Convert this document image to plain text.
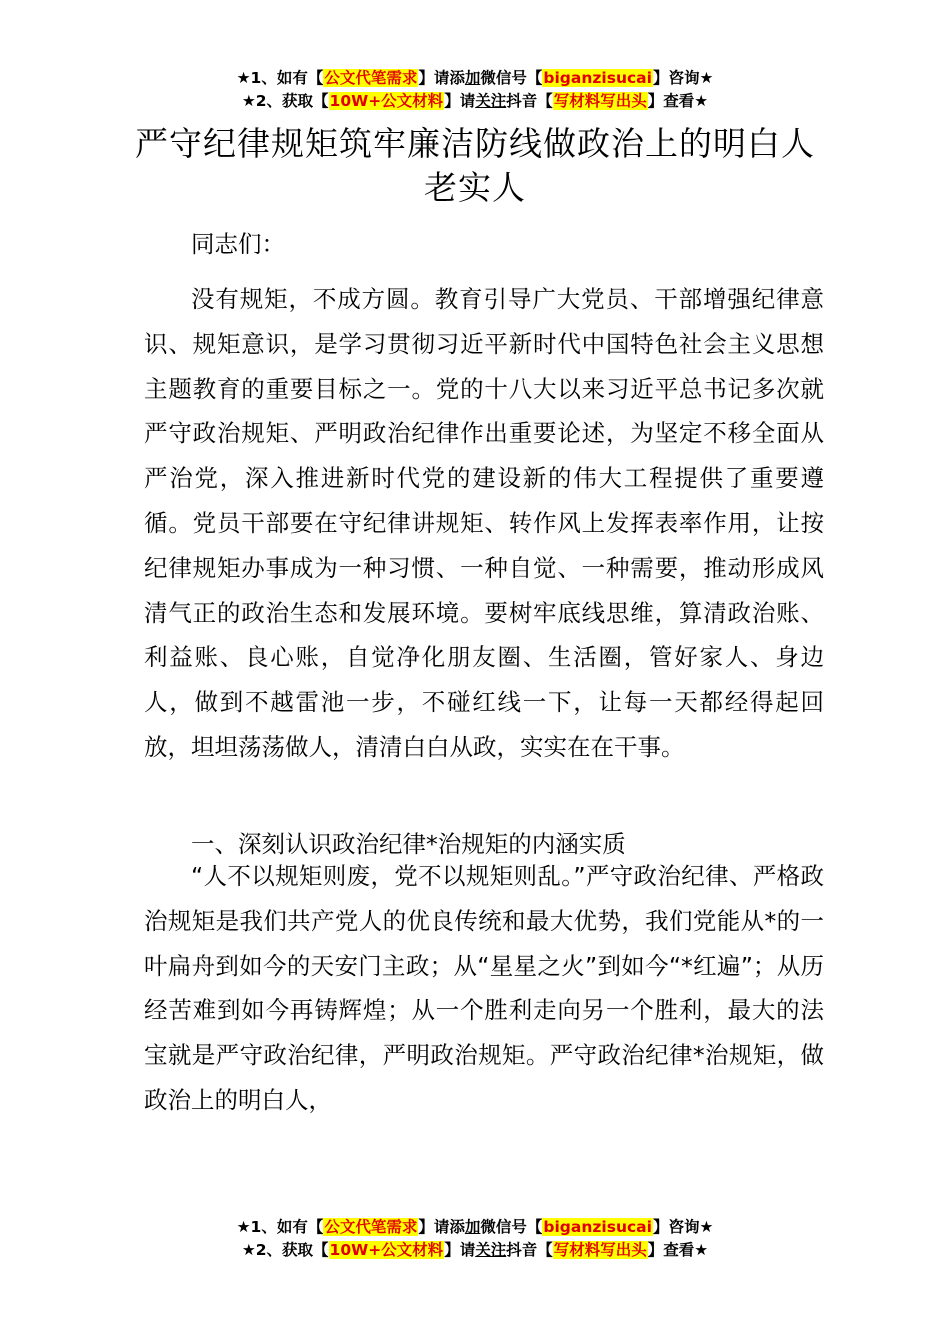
★1、如有【公文代笔需求】请添加微信号【biganzisucai】咨询★
★2、获取【10W+公文材料】请关注抖音【写材料写出头】查看★
严守纪律规矩筑牢廉洁防线做政治上的明白人老实人

同志们：

没有规矩，不成方圆。教育引导广大党员、干部增强纪律意识、规矩意识，是学习贯彻习近平新时代中国特色社会主义思想主题教育的重要目标之一。党的十八大以来习近平总书记多次就严守政治规矩、严明政治纪律作出重要论述，为坚定不移全面从严治党，深入推进新时代党的建设新的伟大工程提供了重要遵循。党员干部要在守纪律讲规矩、转作风上发挥表率作用，让按纪律规矩办事成为一种习惯、一种自觉、一种需要，推动形成风清气正的政治生态和发展环境。要树牢底线思维，算清政治账、利益账、良心账，自觉净化朋友圈、生活圈，管好家人、身边人，做到不越雷池一步，不碰红线一下，让每一天都经得起回放，坦坦荡荡做人，清清白白从政，实实在在干事。

一、深刻认识政治纪律*治规矩的内涵实质

“人不以规矩则废，党不以规矩则乱。”严守政治纪律、严格政治规矩是我们共产党人的优良传统和最大优势，我们党能从*的一叶扁舟到如今的天安门主政；从“星星之火”到如今“*红遍”；从历经苦难到如今再铸辉煌；从一个胜利走向另一个胜利，最大的法宝就是严守政治纪律，严明政治规矩。严守政治纪律*治规矩，做政治上的明白人，

★1、如有【公文代笔需求】请添加微信号【biganzisucai】咨询★
★2、获取【10W+公文材料】请关注抖音【写材料写出头】查看★
